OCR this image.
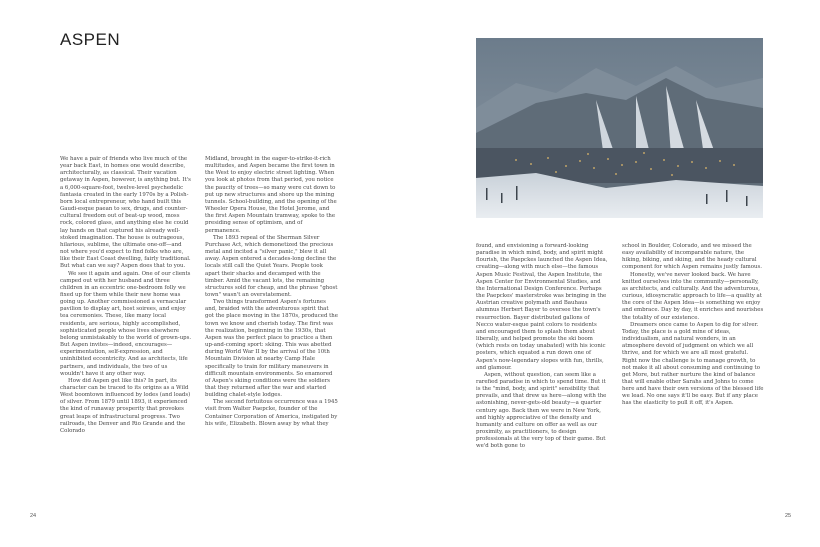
ASPEN

We have a pair of friends who live much of the year back East, in homes one would describe, architecturally, as classical. Their vacation getaway in Aspen, however, is anything but. It's a 6,000-square-foot, twelve-level psychedelic fantasia created in the early 1970s by a Polish-born local entrepreneur, who hand built this Gaudi-esque paean to sex, drugs, and counter-cultural freedom out of beat-up wood, moss rock, colored glass, and anything else he could lay hands on that captured his already well-stoked imagination. The house is outrageous, hilarious, sublime, the ultimate one-off—and not where you'd expect to find folks who are, like their East Coast dwelling, fairly traditional. But what can we say? Aspen does that to you.

We see it again and again. One of our clients camped out with her husband and three children in an eccentric one-bedroom folly we fixed up for them while their new home was going up. Another commissioned a vernacular pavilion to display art, host soirees, and enjoy tea ceremonies. These, like many local residents, are serious, highly accomplished, sophisticated people whose lives elsewhere belong unmistakably to the world of grown-ups. But Aspen invites—indeed, encourages—experimentation, self-expression, and uninhibited eccentricity. And as architects, life partners, and individuals, the two of us wouldn't have it any other way.

How did Aspen get like this? In part, its character can be traced to its origins as a Wild West boomtown influenced by lodes (and loads) of silver. From 1879 until 1893, it experienced the kind of runaway prosperity that provokes great leaps of infrastructural progress. Two railroads, the Denver and Rio Grande and the Colorado

Midland, brought in the eager-to-strike-it-rich multitudes, and Aspen became the first town in the West to enjoy electric street lighting. When you look at photos from that period, you notice the paucity of trees—so many were cut down to put up new structures and shore up the mining tunnels. School-building, and the opening of the Wheeler Opera House, the Hotel Jerome, and the first Aspen Mountain tramway, spoke to the presiding sense of optimism, and of permanence.

The 1893 repeal of the Sherman Silver Purchase Act, which demonetized the precious metal and incited a "silver panic," blew it all away. Aspen entered a decades-long decline the locals still call the Quiet Years. People took apart their shacks and decamped with the timber. Amid the vacant lots, the remaining structures sold for cheap, and the phrase "ghost town" wasn't an overstatement.

Two things transformed Aspen's fortunes and, braided with the adventurous spirit that got the place moving in the 1870s, produced the town we know and cherish today. The first was the realization, beginning in the 1930s, that Aspen was the perfect place to practice a then up-and-coming sport: skiing. This was abetted during World War II by the arrival of the 10th Mountain Division at nearby Camp Hale specifically to train for military maneuvers in difficult mountain environments. So enamored of Aspen's skiing conditions were the soldiers that they returned after the war and started building chalet-style lodges.

The second fortuitous occurrence was a 1945 visit from Walter Paepcke, founder of the Container Corporation of America, instigated by his wife, Elizabeth. Blown away by what they

found, and envisioning a forward-looking paradise in which mind, body, and spirit might flourish, the Paepckes launched the Aspen Idea, creating—along with much else—the famous Aspen Music Festival, the Aspen Institute, the Aspen Center for Environmental Studies, and the International Design Conference. Perhaps the Paepckes' masterstroke was bringing in the Austrian creative polymath and Bauhaus alumnus Herbert Bayer to oversee the town's resurrection. Bayer distributed gallons of Necco water-esque paint colors to residents and encouraged them to splash them about liberally, and helped promote the ski boom (which rests on today unabated) with his iconic posters, which equated a run down one of Aspen's now-legendary slopes with fun, thrills, and glamour.

Aspen, without question, can seem like a rarefied paradise in which to spend time. But it is the "mind, body, and spirit" sensibility that prevails, and that drew us here—along with the astonishing, never-gets-old beauty—a quarter century ago. Back then we were in New York, and highly appreciative of the density and humanity and culture on offer as well as our proximity, as practitioners, to design professionals at the very top of their game. But we'd both gone to

school in Boulder, Colorado, and we missed the easy availability of incomparable nature, the hiking, biking, and skiing, and the heady cultural component for which Aspen remains justly famous.

Honestly, we've never looked back. We have knitted ourselves into the community—personally, as architects, and culturally. And the adventurous, curious, idiosyncratic approach to life—a quality at the core of the Aspen Idea—is something we enjoy and embrace. Day by day, it enriches and nourishes the totality of our existence.

Dreamers once came to Aspen to dig for silver. Today, the place is a gold mine of ideas, individualism, and natural wonders, in an atmosphere devoid of judgment on which we all thrive, and for which we are all most grateful. Right now the challenge is to manage growth, to not make it all about consuming and continuing to get More, but rather nurture the kind of balance that will enable other Sarahs and Johns to come here and have their own versions of the blessed life we lead. No one says it'll be easy. But if any place has the elasticity to pull it off, it's Aspen.

24	25
